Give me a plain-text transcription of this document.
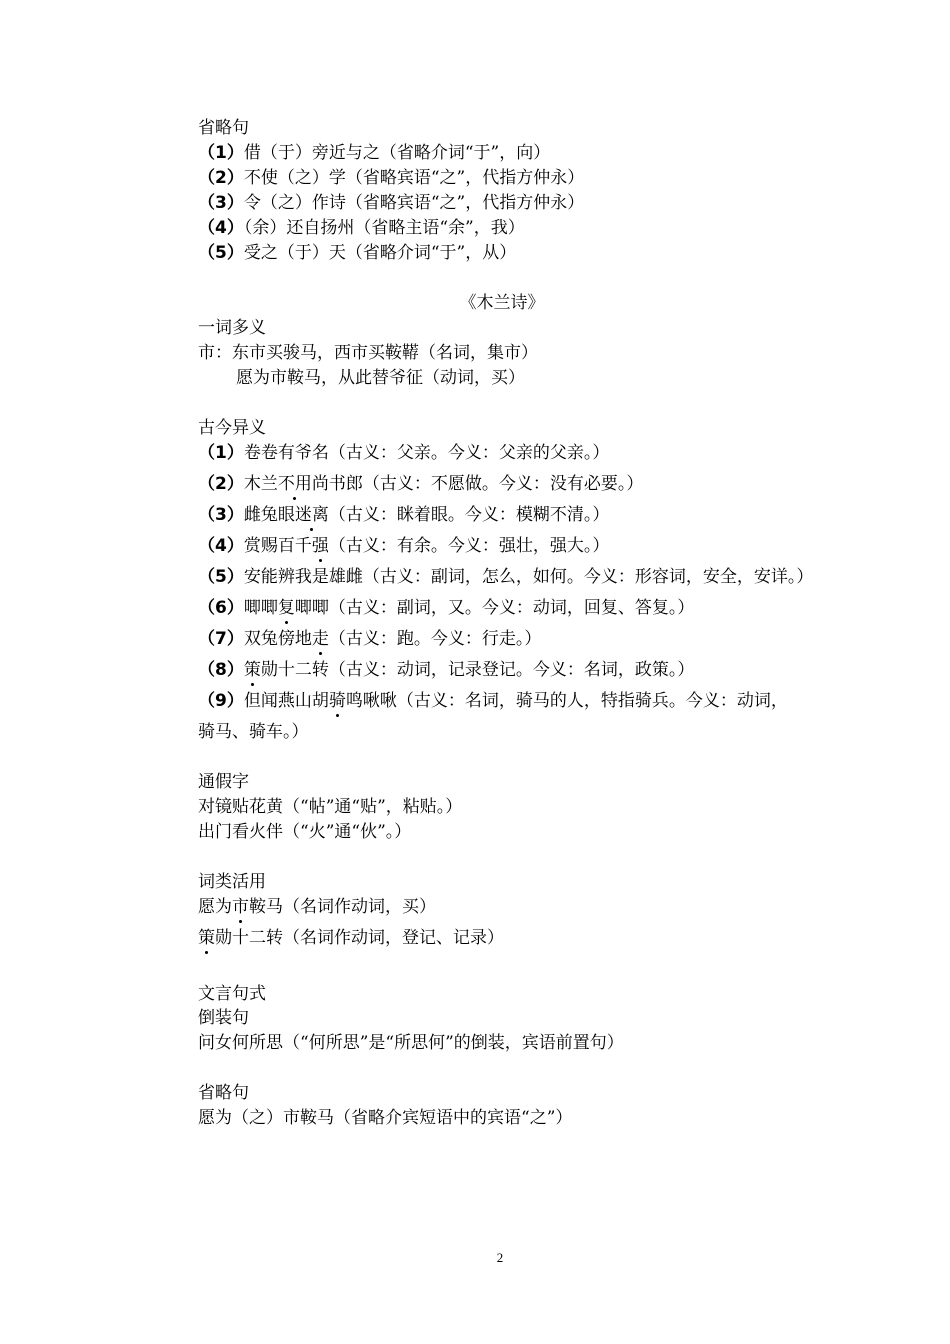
省略句
（1）借（于）旁近与之（省略介词“于”，向）
（2）不使（之）学（省略宾语“之”，代指方仲永）
（3）令（之）作诗（省略宾语“之”，代指方仲永）
（4）（余）还自扬州（省略主语“余”，我）
（5）受之（于）天（省略介词“于”，从）
《木兰诗》
一词多义
市：东市买骏马，西市买鞍鞯（名词，集市）
愿为市鞍马，从此替爷征（动词，买）
古今异义
（1）卷卷有爷名（古义：父亲。今义：父亲的父亲。）
（2）木兰不用尚书郎（古义：不愿做。今义：没有必要。）
（3）雌兔眼迷离（古义：眯着眼。今义：模糊不清。）
（4）赏赐百千强（古义：有余。今义：强壮，强大。）
（5）安能辨我是雄雌（古义：副词，怎么，如何。今义：形容词，安全，安详。）
（6）唧唧复唧唧（古义：副词，又。今义：动词，回复、答复。）
（7）双兔傍地走（古义：跑。今义：行走。）
（8）策勋十二转（古义：动词，记录登记。今义：名词，政策。）
（9）但闻燕山胡骑鸣啾啾（古义：名词，骑马的人，特指骑兵。今义：动词，
骑马、骑车。）
通假字
对镜贴花黄（“帖”通“贴”，粘贴。）
出门看火伴（“火”通“伙”。）
词类活用
愿为市鞍马（名词作动词，买）
策勋十二转（名词作动词，登记、记录）
文言句式
倒装句
问女何所思（“何所思”是“所思何”的倒装，宾语前置句）
省略句
愿为（之）市鞍马（省略介宾短语中的宾语“之”）
2
